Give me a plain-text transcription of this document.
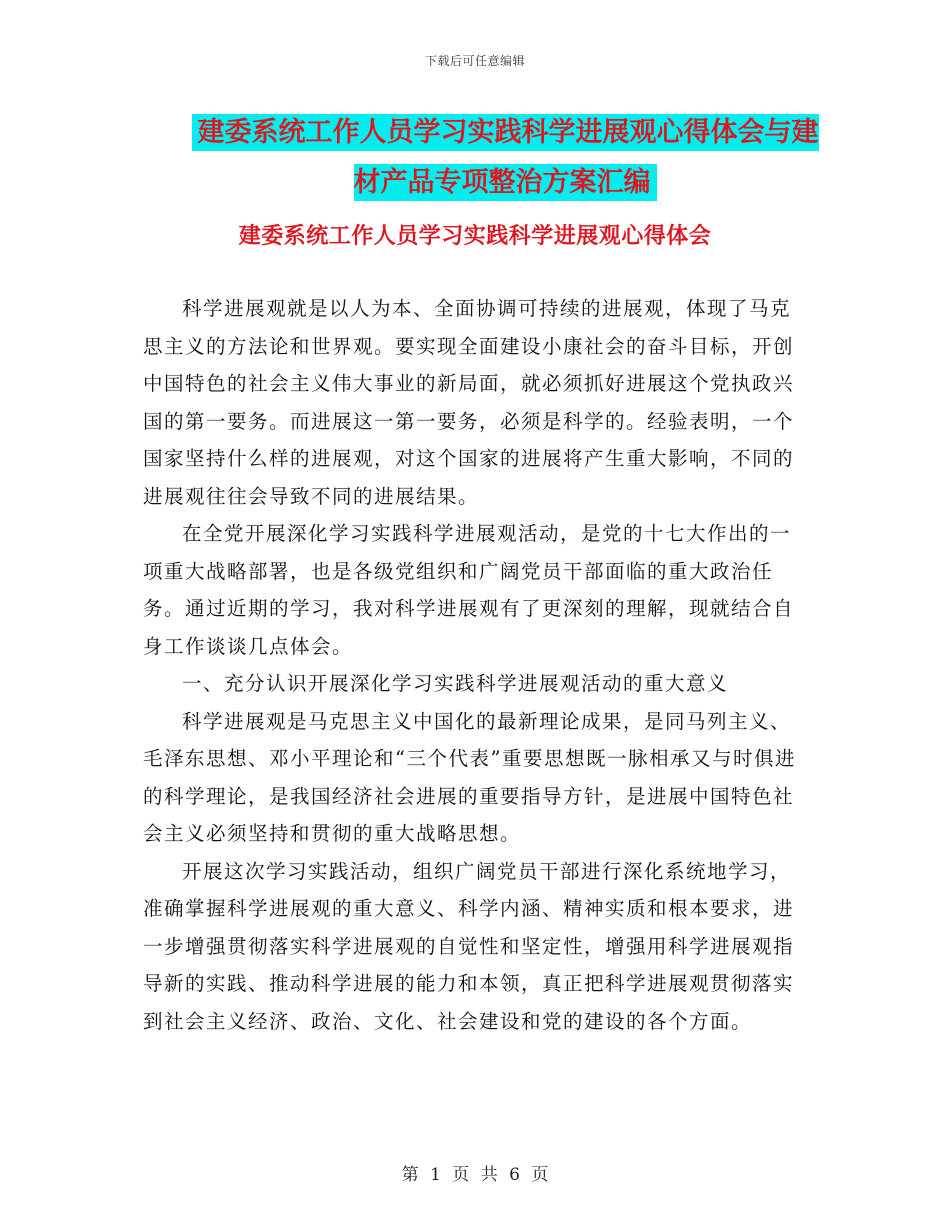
下载后可任意编辑
建委系统工作人员学习实践科学进展观心得体会与建材产品专项整治方案汇编
建委系统工作人员学习实践科学进展观心得体会

科学进展观就是以人为本、全面协调可持续的进展观，体现了马克思主义的方法论和世界观。要实现全面建设小康社会的奋斗目标，开创中国特色的社会主义伟大事业的新局面，就必须抓好进展这个党执政兴国的第一要务。而进展这一第一要务，必须是科学的。经验表明，一个国家坚持什么样的进展观，对这个国家的进展将产生重大影响，不同的进展观往往会导致不同的进展结果。

在全党开展深化学习实践科学进展观活动，是党的十七大作出的一项重大战略部署，也是各级党组织和广阔党员干部面临的重大政治任务。通过近期的学习，我对科学进展观有了更深刻的理解，现就结合自身工作谈谈几点体会。

一、充分认识开展深化学习实践科学进展观活动的重大意义

科学进展观是马克思主义中国化的最新理论成果，是同马列主义、毛泽东思想、邓小平理论和“三个代表”重要思想既一脉相承又与时俱进的科学理论，是我国经济社会进展的重要指导方针，是进展中国特色社会主义必须坚持和贯彻的重大战略思想。

开展这次学习实践活动，组织广阔党员干部进行深化系统地学习，准确掌握科学进展观的重大意义、科学内涵、精神实质和根本要求，进一步增强贯彻落实科学进展观的自觉性和坚定性，增强用科学进展观指导新的实践、推动科学进展的能力和本领，真正把科学进展观贯彻落实到社会主义经济、政治、文化、社会建设和党的建设的各个方面。

第 1 页 共 6 页
